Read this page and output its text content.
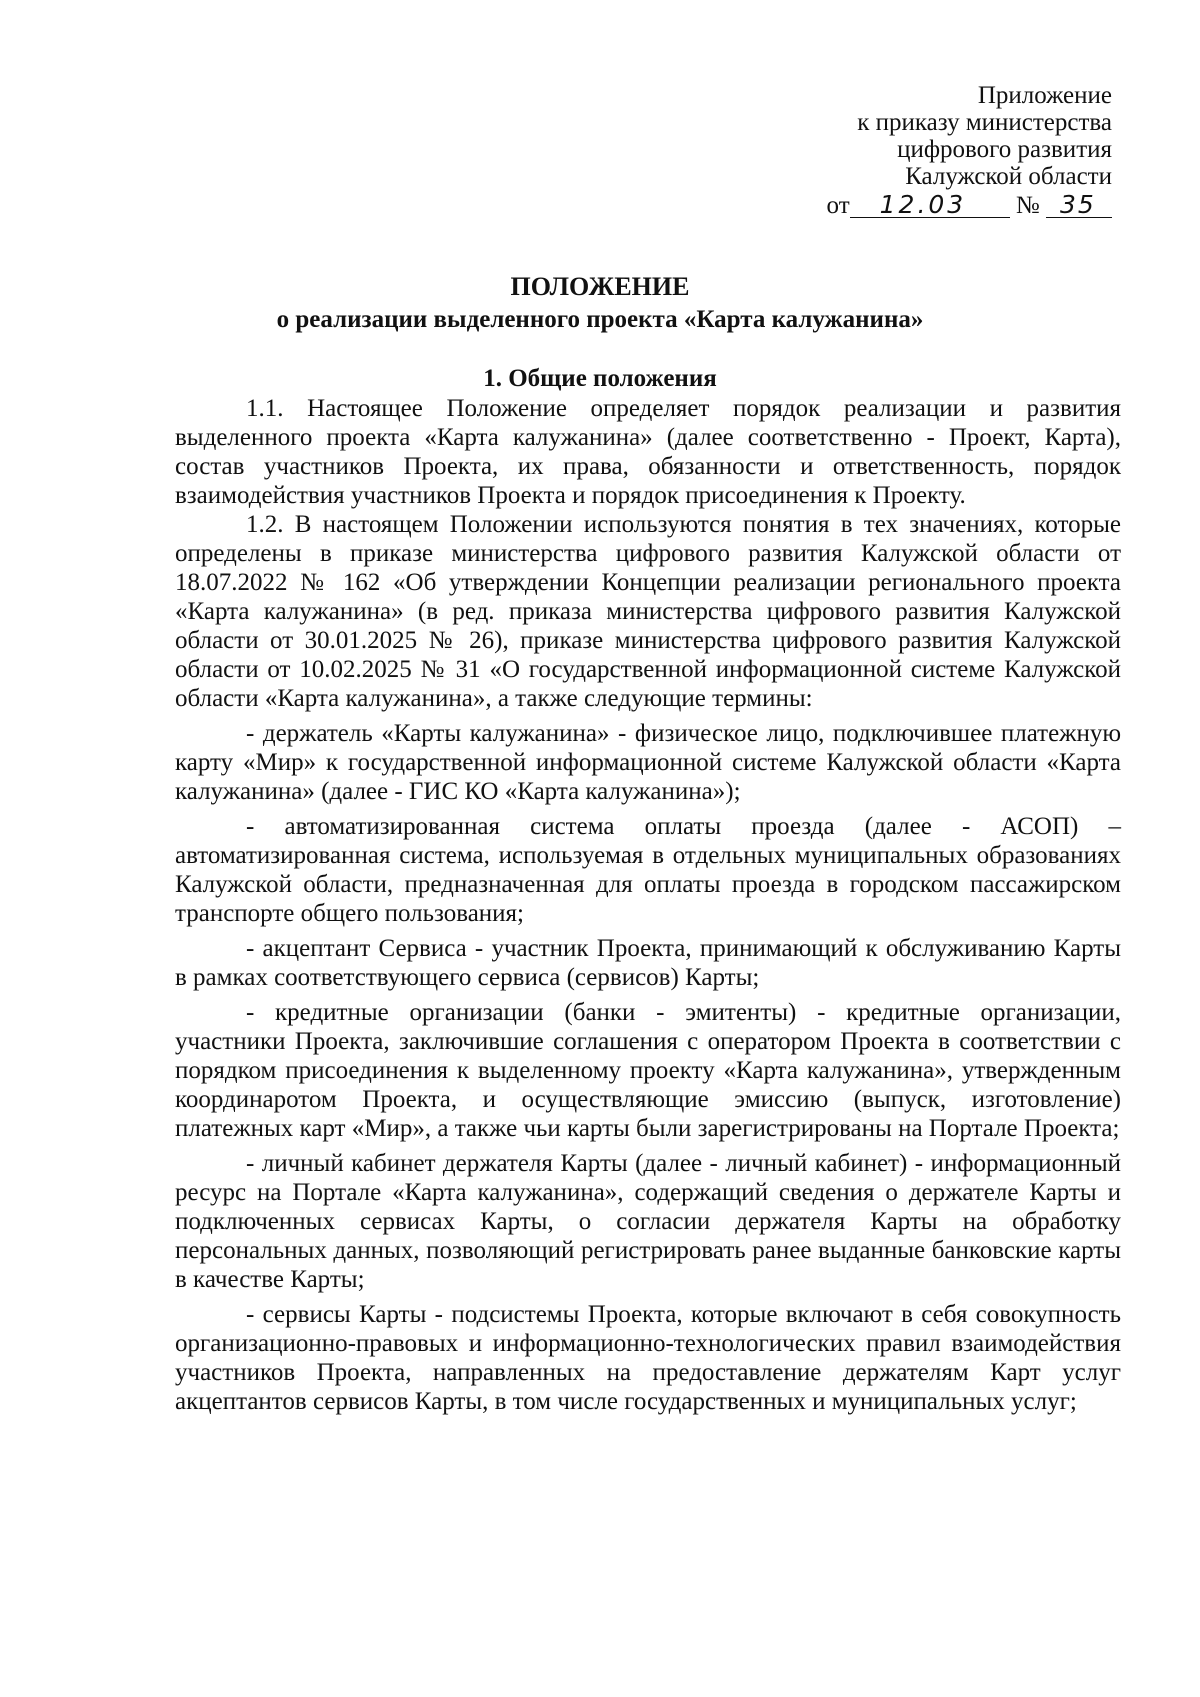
Приложение
к приказу министерства
цифрового развития
Калужской области
от 12.03 № 35
ПОЛОЖЕНИЕ
о реализации выделенного проекта «Карта калужанина»
1. Общие положения

1.1. Настоящее Положение определяет порядок реализации и развития выделенного проекта «Карта калужанина» (далее соответственно - Проект, Карта), состав участников Проекта, их права, обязанности и ответственность, порядок взаимодействия участников Проекта и порядок присоединения к Проекту.

1.2. В настоящем Положении используются понятия в тех значениях, которые определены в приказе министерства цифрового развития Калужской области от 18.07.2022 № 162 «Об утверждении Концепции реализации регионального проекта «Карта калужанина» (в ред. приказа министерства цифрового развития Калужской области от 30.01.2025 № 26), приказе министерства цифрового развития Калужской области от 10.02.2025 № 31 «О государственной информационной системе Калужской области «Карта калужанина», а также следующие термины:

- держатель «Карты калужанина» - физическое лицо, подключившее платежную карту «Мир» к государственной информационной системе Калужской области «Карта калужанина» (далее - ГИС КО «Карта калужанина»);

- автоматизированная система оплаты проезда (далее - АСОП) – автоматизированная система, используемая в отдельных муниципальных образованиях Калужской области, предназначенная для оплаты проезда в городском пассажирском транспорте общего пользования;

- акцептант Сервиса - участник Проекта, принимающий к обслуживанию Карты в рамках соответствующего сервиса (сервисов) Карты;

- кредитные организации (банки - эмитенты) - кредитные организации, участники Проекта, заключившие соглашения с оператором Проекта в соответствии с порядком присоединения к выделенному проекту «Карта калужанина», утвержденным координаротом Проекта, и осуществляющие эмиссию (выпуск, изготовление) платежных карт «Мир», а также чьи карты были зарегистрированы на Портале Проекта;

- личный кабинет держателя Карты (далее - личный кабинет) - информационный ресурс на Портале «Карта калужанина», содержащий сведения о держателе Карты и подключенных сервисах Карты, о согласии держателя Карты на обработку персональных данных, позволяющий регистрировать ранее выданные банковские карты в качестве Карты;

- сервисы Карты - подсистемы Проекта, которые включают в себя совокупность организационно-правовых и информационно-технологических правил взаимодействия участников Проекта, направленных на предоставление держателям Карт услуг акцептантов сервисов Карты, в том числе государственных и муниципальных услуг;
